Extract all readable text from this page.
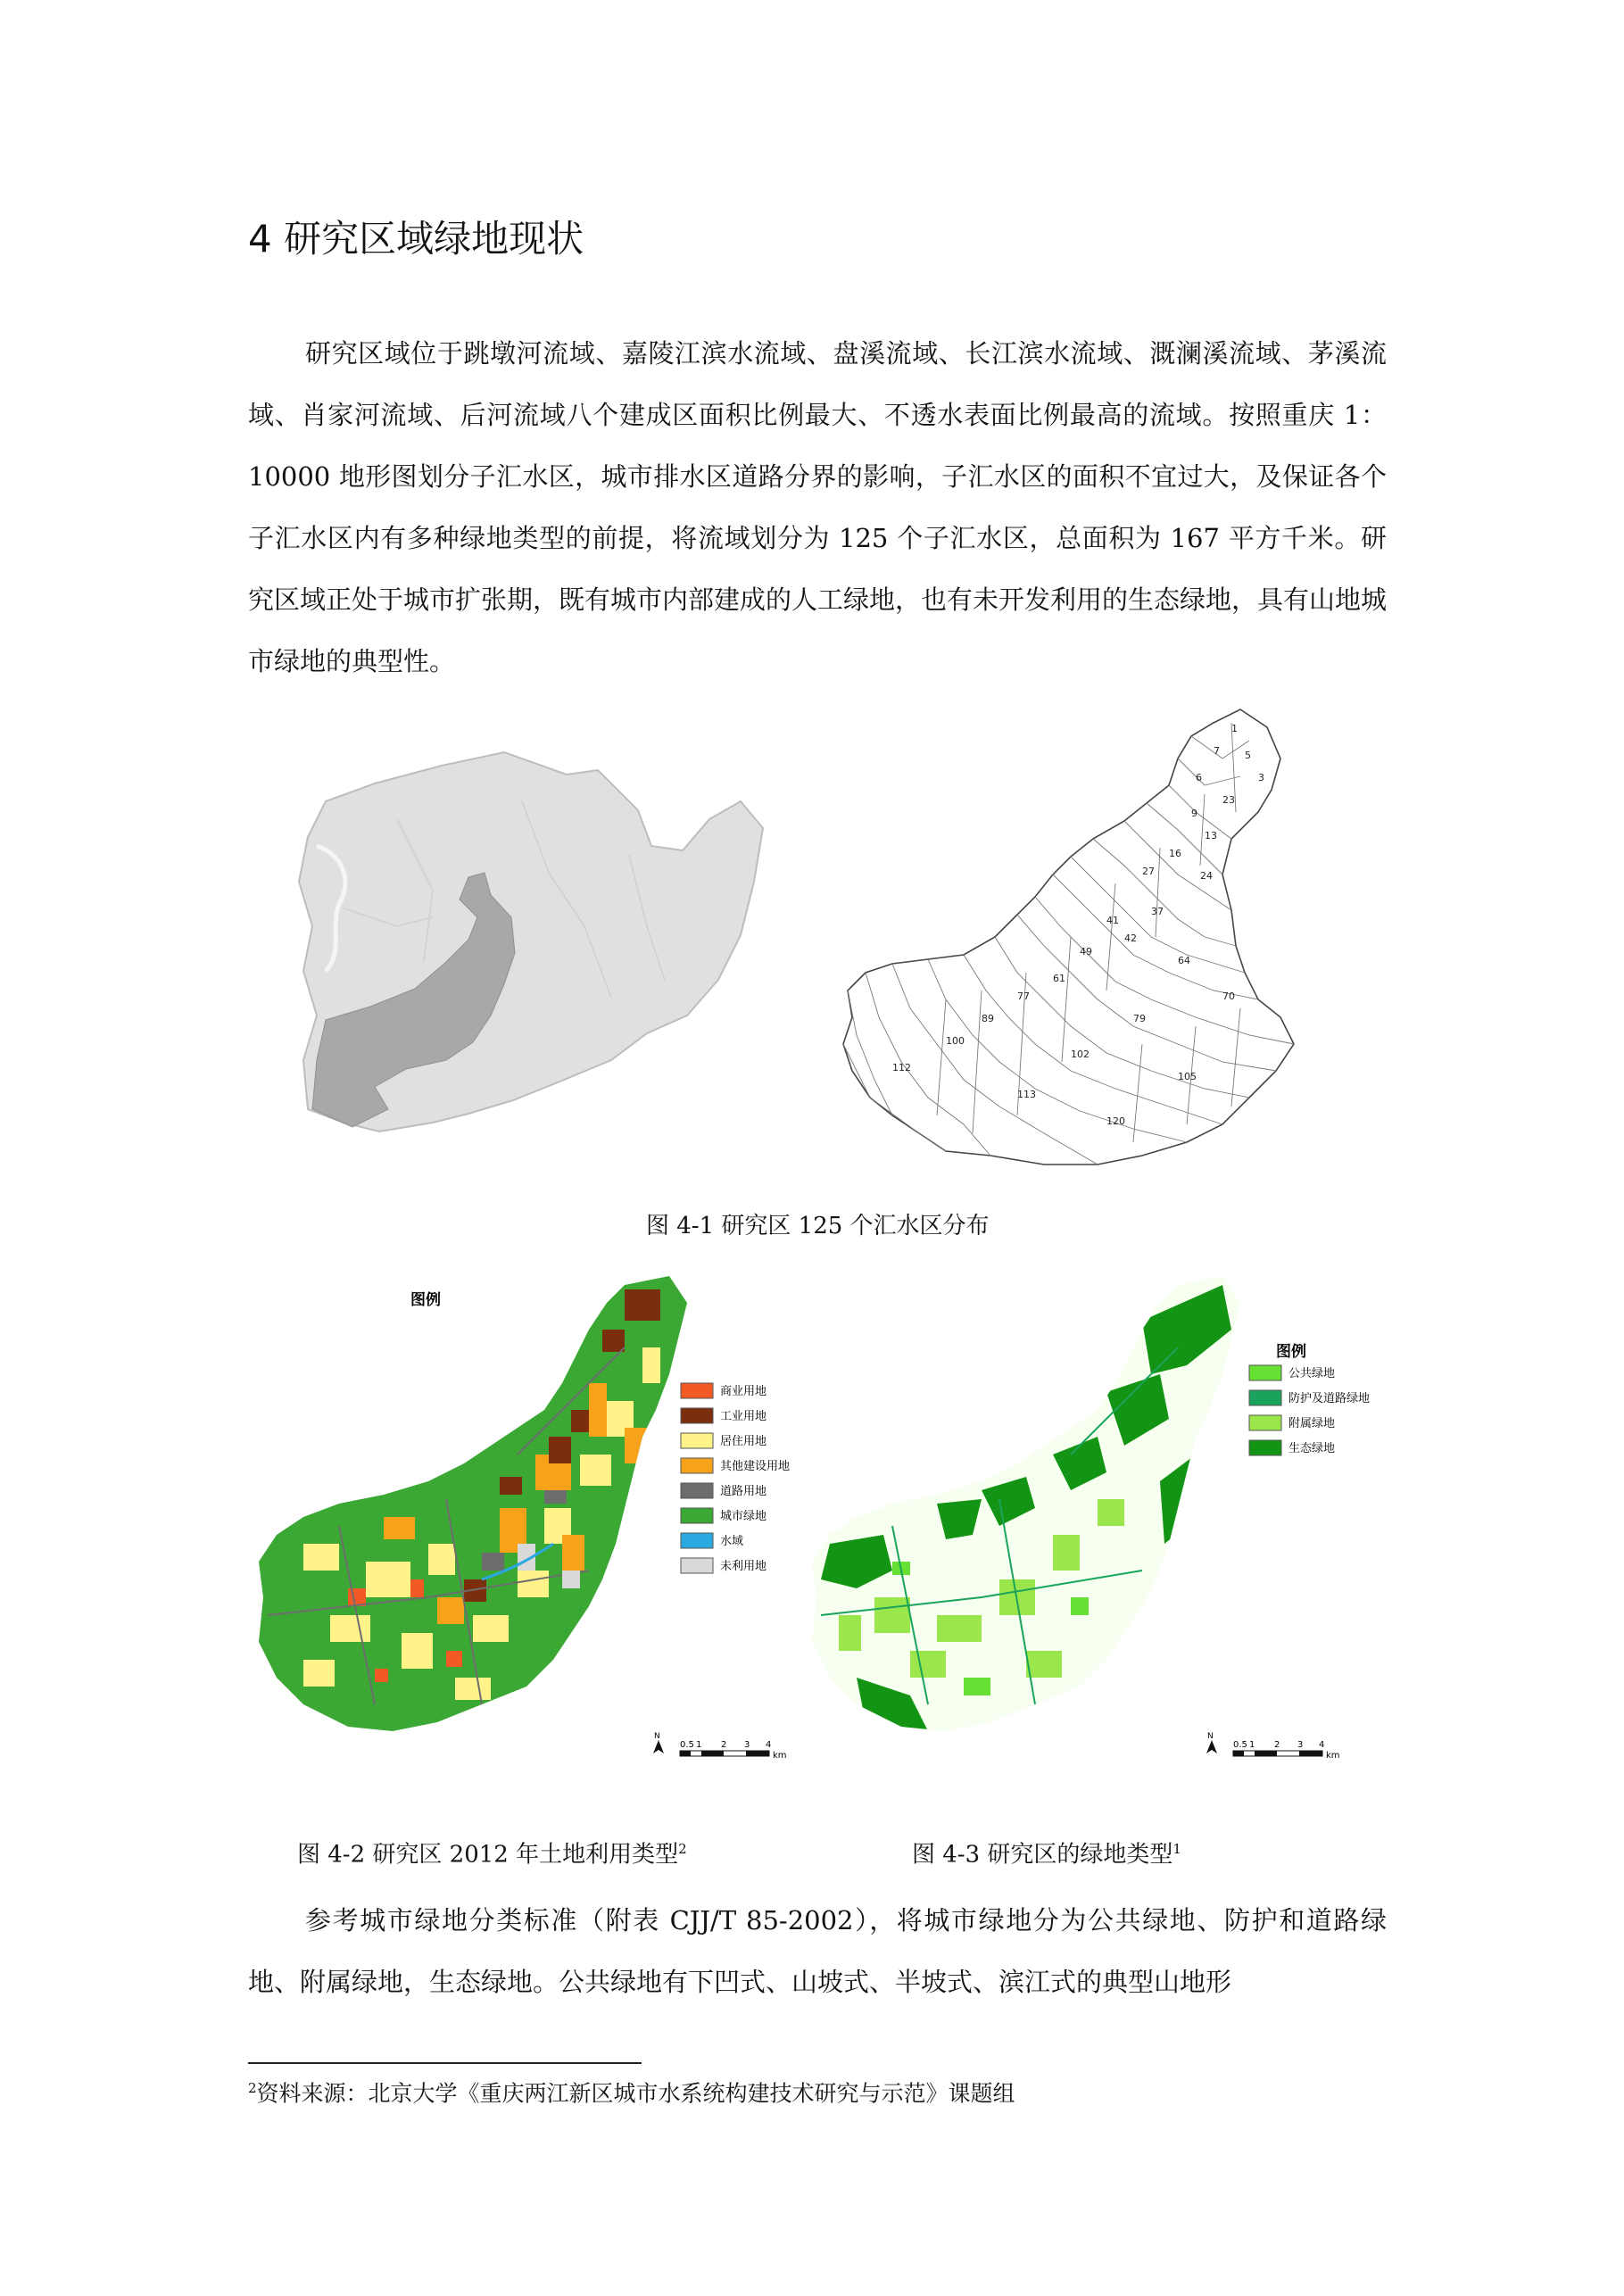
4 研究区域绿地现状

研究区域位于跳墩河流域、嘉陵江滨水流域、盘溪流域、长江滨水流域、溉澜溪流域、茅溪流域、肖家河流域、后河流域八个建成区面积比例最大、不透水表面比例最高的流域。按照重庆 1：10000 地形图划分子汇水区，城市排水区道路分界的影响，子汇水区的面积不宜过大，及保证各个子汇水区内有多种绿地类型的前提，将流域划分为 125 个子汇水区，总面积为 167 平方千米。研究区域正处于城市扩张期，既有城市内部建成的人工绿地，也有未开发利用的生态绿地，具有山地城市绿地的典型性。

1
7	5
3
6
23
9
13
16
24
27
37
41
42
49
64
61
70
77
79
89
100
102
105
112
113
120
图 4-1 研究区 125 个汇水区分布
图例
商业用地
工业用地
居住用地
其他建设用地
道路用地
城市绿地
水域
未利用地
N
0.5 1 2 3 4
km
图例
公共绿地
防护及道路绿地
附属绿地
生态绿地
N
0.5 1 2 3 4
km
图 4-2 研究区 2012 年土地利用类型$^2$	图 4-3 研究区的绿地类型$^1$

参考城市绿地分类标准（附表 CJJ/T 85-2002），将城市绿地分为公共绿地、防护和道路绿地、附属绿地，生态绿地。公共绿地有下凹式、山坡式、半坡式、滨江式的典型山地形

$^2$资料来源：北京大学《重庆两江新区城市水系统构建技术研究与示范》课题组
